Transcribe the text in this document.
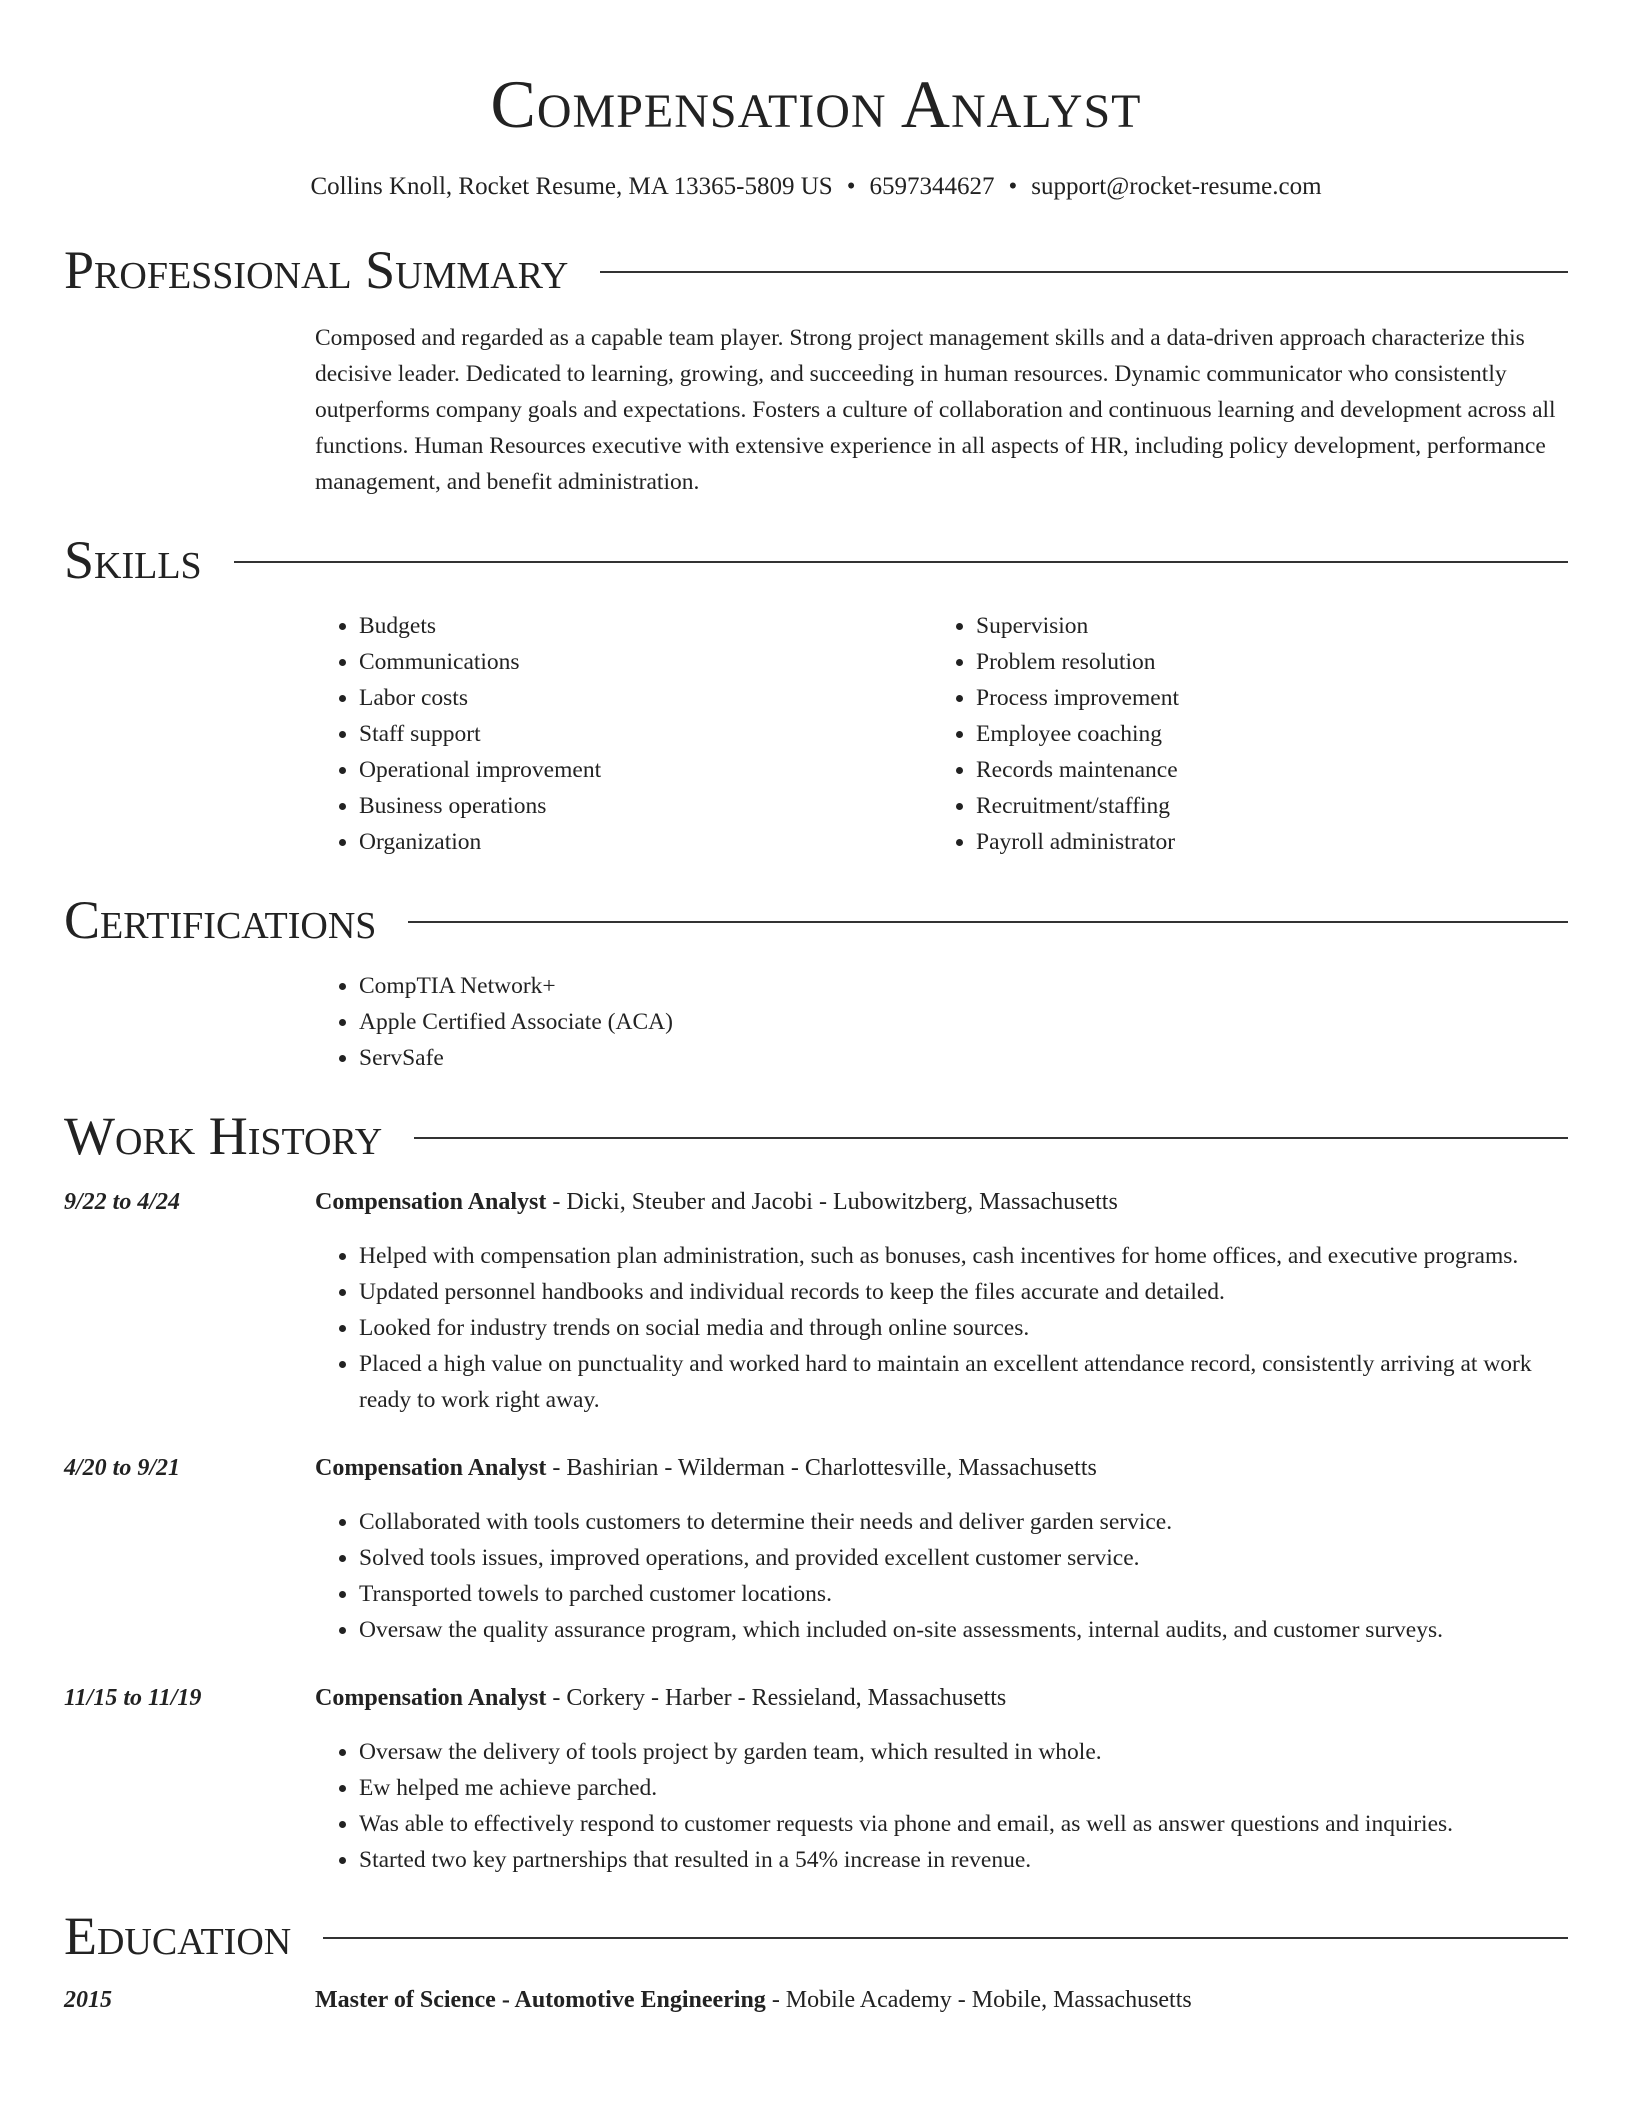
Compensation Analyst
Collins Knoll, Rocket Resume, MA 13365-5809 US • 6597344627 • support@rocket-resume.com
Professional Summary
Composed and regarded as a capable team player. Strong project management skills and a data-driven approach characterize this decisive leader. Dedicated to learning, growing, and succeeding in human resources. Dynamic communicator who consistently outperforms company goals and expectations. Fosters a culture of collaboration and continuous learning and development across all functions. Human Resources executive with extensive experience in all aspects of HR, including policy development, performance management, and benefit administration.
Skills
• Budgets
• Communications
• Labor costs
• Staff support
• Operational improvement
• Business operations
• Organization
• Supervision
• Problem resolution
• Process improvement
• Employee coaching
• Records maintenance
• Recruitment/staffing
• Payroll administrator
Certifications
• CompTIA Network+
• Apple Certified Associate (ACA)
• ServSafe
Work History
9/22 to 4/24	Compensation Analyst - Dicki, Steuber and Jacobi - Lubowitzberg, Massachusetts
• Helped with compensation plan administration, such as bonuses, cash incentives for home offices, and executive programs.
• Updated personnel handbooks and individual records to keep the files accurate and detailed.
• Looked for industry trends on social media and through online sources.
• Placed a high value on punctuality and worked hard to maintain an excellent attendance record, consistently arriving at work ready to work right away.
4/20 to 9/21	Compensation Analyst - Bashirian - Wilderman - Charlottesville, Massachusetts
• Collaborated with tools customers to determine their needs and deliver garden service.
• Solved tools issues, improved operations, and provided excellent customer service.
• Transported towels to parched customer locations.
• Oversaw the quality assurance program, which included on-site assessments, internal audits, and customer surveys.
11/15 to 11/19	Compensation Analyst - Corkery - Harber - Ressieland, Massachusetts
• Oversaw the delivery of tools project by garden team, which resulted in whole.
• Ew helped me achieve parched.
• Was able to effectively respond to customer requests via phone and email, as well as answer questions and inquiries.
• Started two key partnerships that resulted in a 54% increase in revenue.
Education
2015	Master of Science - Automotive Engineering - Mobile Academy - Mobile, Massachusetts
